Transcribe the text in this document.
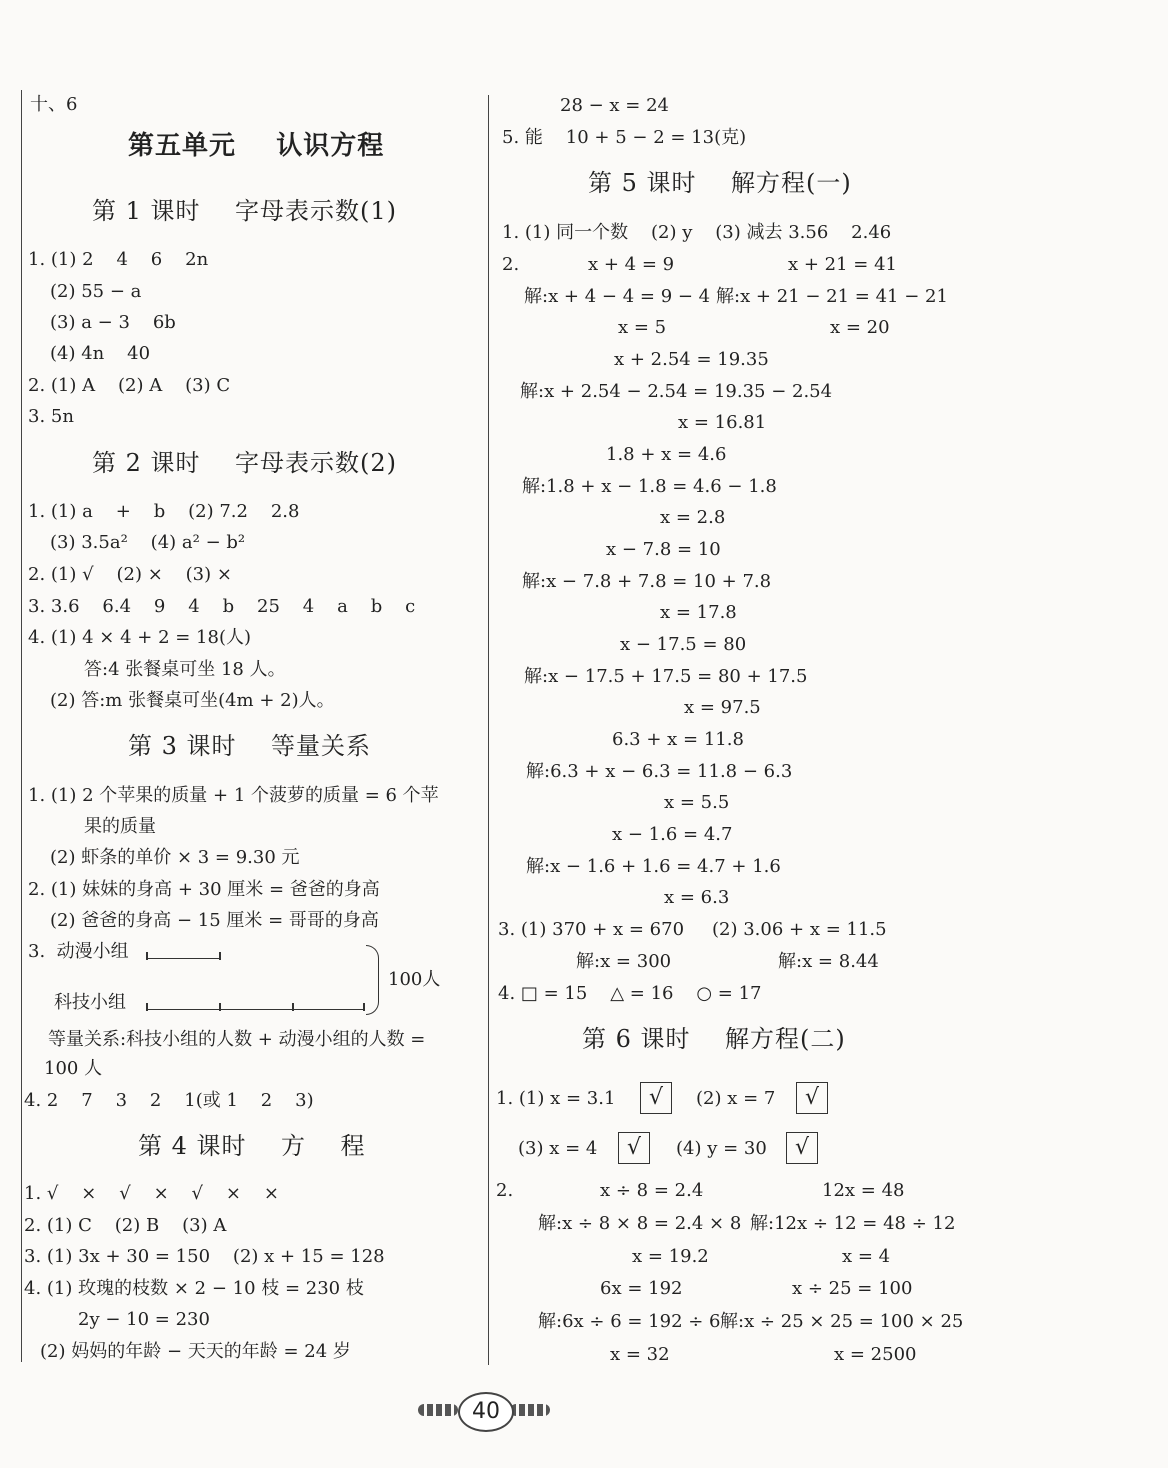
十、6
第五单元    认识方程
第 1 课时    字母表示数(1)
1. (1) 2    4    6    2n
(2) 55 − a
(3) a − 3    6b
(4) 4n    40
2. (1) A    (2) A    (3) C
3. 5n
第 2 课时    字母表示数(2)
1. (1) a    +    b    (2) 7.2    2.8
(3) 3.5a²    (4) a² − b²
2. (1) √    (2) ×    (3) ×
3. 3.6    6.4    9    4    b    25    4    a    b    c
4. (1) 4 × 4 + 2 = 18(人)
答:4 张餐桌可坐 18 人。
(2) 答:m 张餐桌可坐(4m + 2)人。
第 3 课时    等量关系
1. (1) 2 个苹果的质量 + 1 个菠萝的质量 = 6 个苹
果的质量
(2) 虾条的单价 × 3 = 9.30 元
2. (1) 妹妹的身高 + 30 厘米 = 爸爸的身高
(2) 爸爸的身高 − 15 厘米 = 哥哥的身高
3.  动漫小组
科技小组
100人
等量关系:科技小组的人数 + 动漫小组的人数 =
100 人
4. 2    7    3    2    1(或 1    2    3)
第 4 课时    方    程
1. √    ×    √    ×    √    ×    ×
2. (1) C    (2) B    (3) A
3. (1) 3x + 30 = 150    (2) x + 15 = 128
4. (1) 玫瑰的枝数 × 2 − 10 枝 = 230 枝
2y − 10 = 230
(2) 妈妈的年龄 − 天天的年龄 = 24 岁
28 − x = 24
5. 能    10 + 5 − 2 = 13(克)
第 5 课时    解方程(一)
1. (1) 同一个数    (2) y    (3) 减去 3.56    2.46
2.	x + 4 = 9	x + 21 = 41
解:x + 4 − 4 = 9 − 4 解:x + 21 − 21 = 41 − 21
x = 5	x = 20
x + 2.54 = 19.35
解:x + 2.54 − 2.54 = 19.35 − 2.54
x = 16.81
1.8 + x = 4.6
解:1.8 + x − 1.8 = 4.6 − 1.8
x = 2.8
x − 7.8 = 10
解:x − 7.8 + 7.8 = 10 + 7.8
x = 17.8
x − 17.5 = 80
解:x − 17.5 + 17.5 = 80 + 17.5
x = 97.5
6.3 + x = 11.8
解:6.3 + x − 6.3 = 11.8 − 6.3
x = 5.5
x − 1.6 = 4.7
解:x − 1.6 + 1.6 = 4.7 + 1.6
x = 6.3
3. (1) 370 + x = 670 (2) 3.06 + x = 11.5
解:x = 300	解:x = 8.44
4. □ = 15    △ = 16    ○ = 17
第 6 课时    解方程(二)
1. (1) x = 3.1	√	(2) x = 7	√
(3) x = 4	√	(4) y = 30	√
2.	x ÷ 8 = 2.4	12x = 48
解:x ÷ 8 × 8 = 2.4 × 8 解:12x ÷ 12 = 48 ÷ 12
x = 19.2	x = 4
6x = 192	x ÷ 25 = 100
解:6x ÷ 6 = 192 ÷ 6 解:x ÷ 25 × 25 = 100 × 25
x = 32	x = 2500
40
